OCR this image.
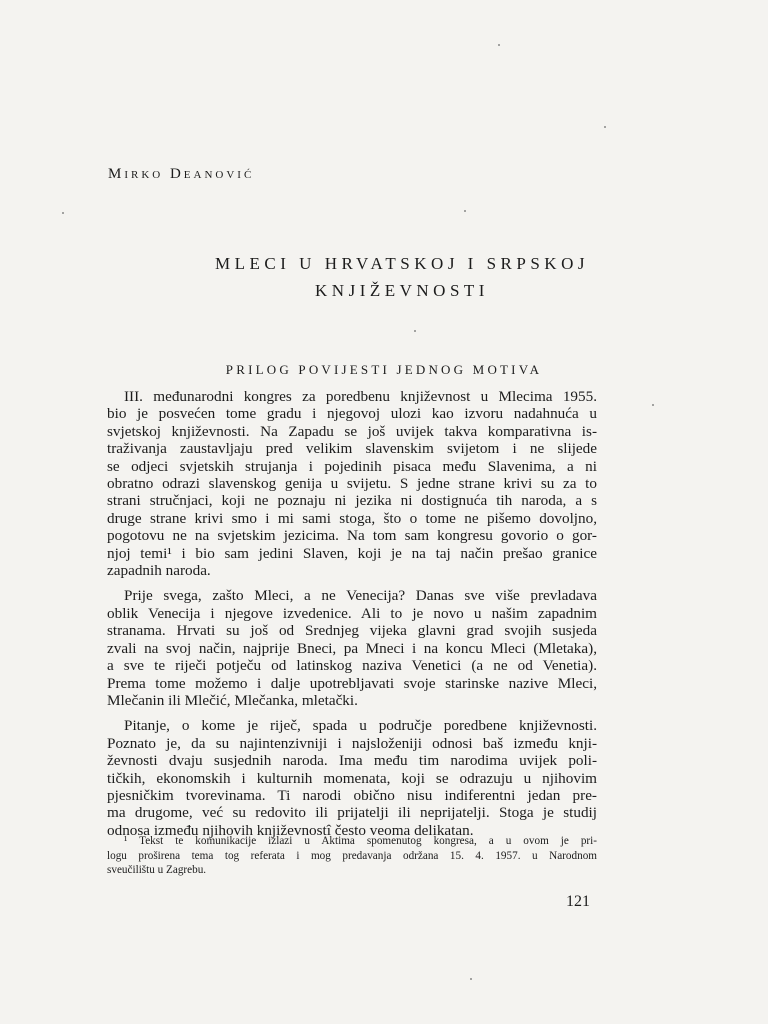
Mirko Deanović
MLECI U HRVATSKOJ I SRPSKOJ
KNJIŽEVNOSTI
PRILOG POVIJESTI JEDNOG MOTIVA

III. međunarodni kongres za poredbenu književnost u Mlecima 1955.
bio je posvećen tome gradu i njegovoj ulozi kao izvoru nadahnuća u
svjetskoj književnosti. Na Zapadu se još uvijek takva komparativna is-
traživanja zaustavljaju pred velikim slavenskim svijetom i ne slijede
se odjeci svjetskih strujanja i pojedinih pisaca među Slavenima, a ni
obratno odrazi slavenskog genija u svijetu. S jedne strane krivi su za to
strani stručnjaci, koji ne poznaju ni jezika ni dostignuća tih naroda, a s
druge strane krivi smo i mi sami stoga, što o tome ne pišemo dovoljno,
pogotovu ne na svjetskim jezicima. Na tom sam kongresu govorio o gor-
njoj temi¹ i bio sam jedini Slaven, koji je na taj način prešao granice
zapadnih naroda.

Prije svega, zašto Mleci, a ne Venecija? Danas sve više prevladava
oblik Venecija i njegove izvedenice. Ali to je novo u našim zapadnim
stranama. Hrvati su još od Srednjeg vijeka glavni grad svojih susjeda
zvali na svoj način, najprije Bneci, pa Mneci i na koncu Mleci (Mletaka),
a sve te riječi potječu od latinskog naziva Venetici (a ne od Venetia).
Prema tome možemo i dalje upotrebljavati svoje starinske nazive Mleci,
Mlečanin ili Mlečić, Mlečanka, mletački.

Pitanje, o kome je riječ, spada u područje poredbene književnosti.
Poznato je, da su najintenzivniji i najsloženiji odnosi baš između knji-
ževnosti dvaju susjednih naroda. Ima među tim narodima uvijek poli-
tičkih, ekonomskih i kulturnih momenata, koji se odrazuju u njihovim
pjesničkim tvorevinama. Ti narodi obično nisu indiferentni jedan pre-
ma drugome, već su redovito ili prijatelji ili neprijatelji. Stoga je studij
odnosa između njihovih književnostî često veoma delikatan.

¹ Tekst te komunikacije izlazi u Aktima spomenutog kongresa, a u ovom je pri-
logu proširena tema tog referata i mog predavanja održana 15. 4. 1957. u Narodnom
sveučilištu u Zagrebu.
121
